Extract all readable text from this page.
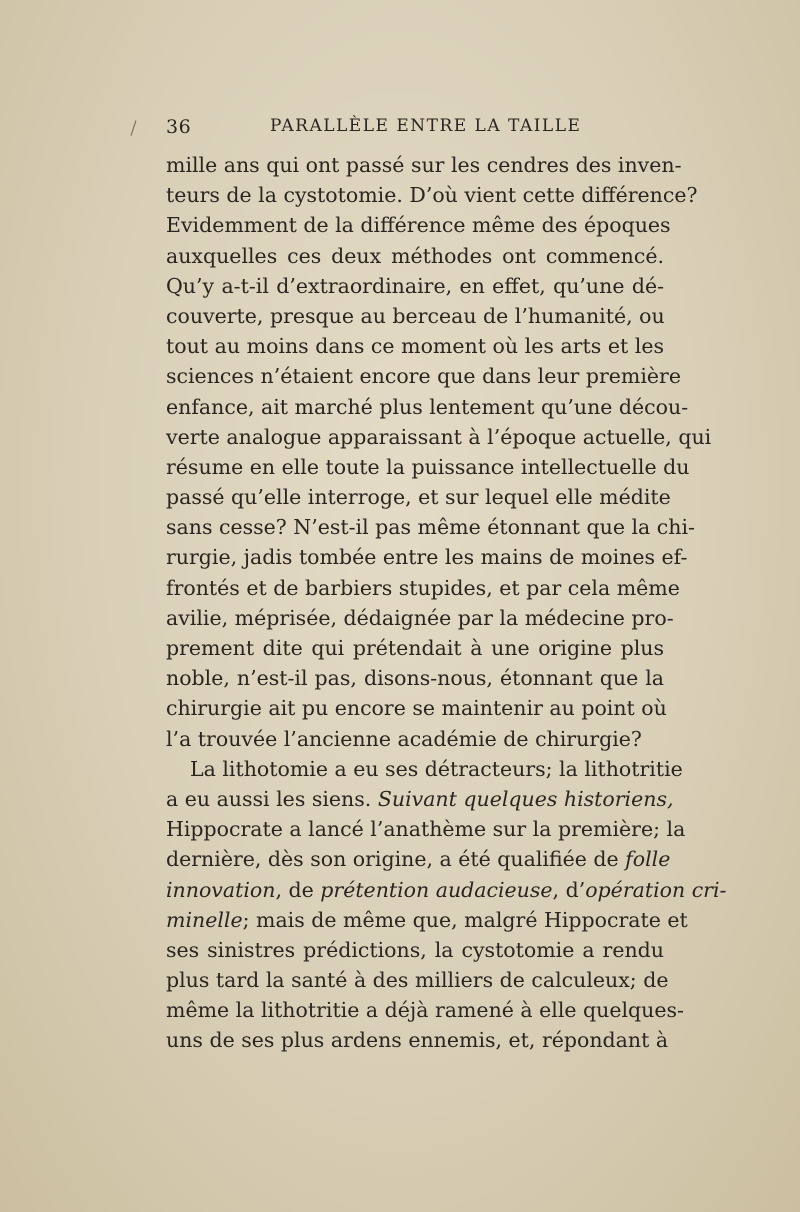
36	PARALLÈLE ENTRE LA TAILLE
mille ans qui ont passé sur les cendres des inven-
teurs de la cystotomie. D’où vient cette différence?
Evidemment de la différence même des époques
auxquelles ces deux méthodes ont commencé.
Qu’y a-t-il d’extraordinaire, en effet, qu’une dé-
couverte, presque au berceau de l’humanité, ou
tout au moins dans ce moment où les arts et les
sciences n’étaient encore que dans leur première
enfance, ait marché plus lentement qu’une décou-
verte analogue apparaissant à l’époque actuelle, qui
résume en elle toute la puissance intellectuelle du
passé qu’elle interroge, et sur lequel elle médite
sans cesse? N’est-il pas même étonnant que la chi-
rurgie, jadis tombée entre les mains de moines ef-
frontés et de barbiers stupides, et par cela même
avilie, méprisée, dédaignée par la médecine pro-
prement dite qui prétendait à une origine plus
noble, n’est-il pas, disons-nous, étonnant que la
chirurgie ait pu encore se maintenir au point où
l’a trouvée l’ancienne académie de chirurgie?
La lithotomie a eu ses détracteurs; la lithotritie
a eu aussi les siens. Suivant quelques historiens,
Hippocrate a lancé l’anathème sur la première; la
dernière, dès son origine, a été qualifiée de folle
innovation, de prétention audacieuse, d’opération cri-
minelle; mais de même que, malgré Hippocrate et
ses sinistres prédictions, la cystotomie a rendu
plus tard la santé à des milliers de calculeux; de
même la lithotritie a déjà ramené à elle quelques-
uns de ses plus ardens ennemis, et, répondant à
